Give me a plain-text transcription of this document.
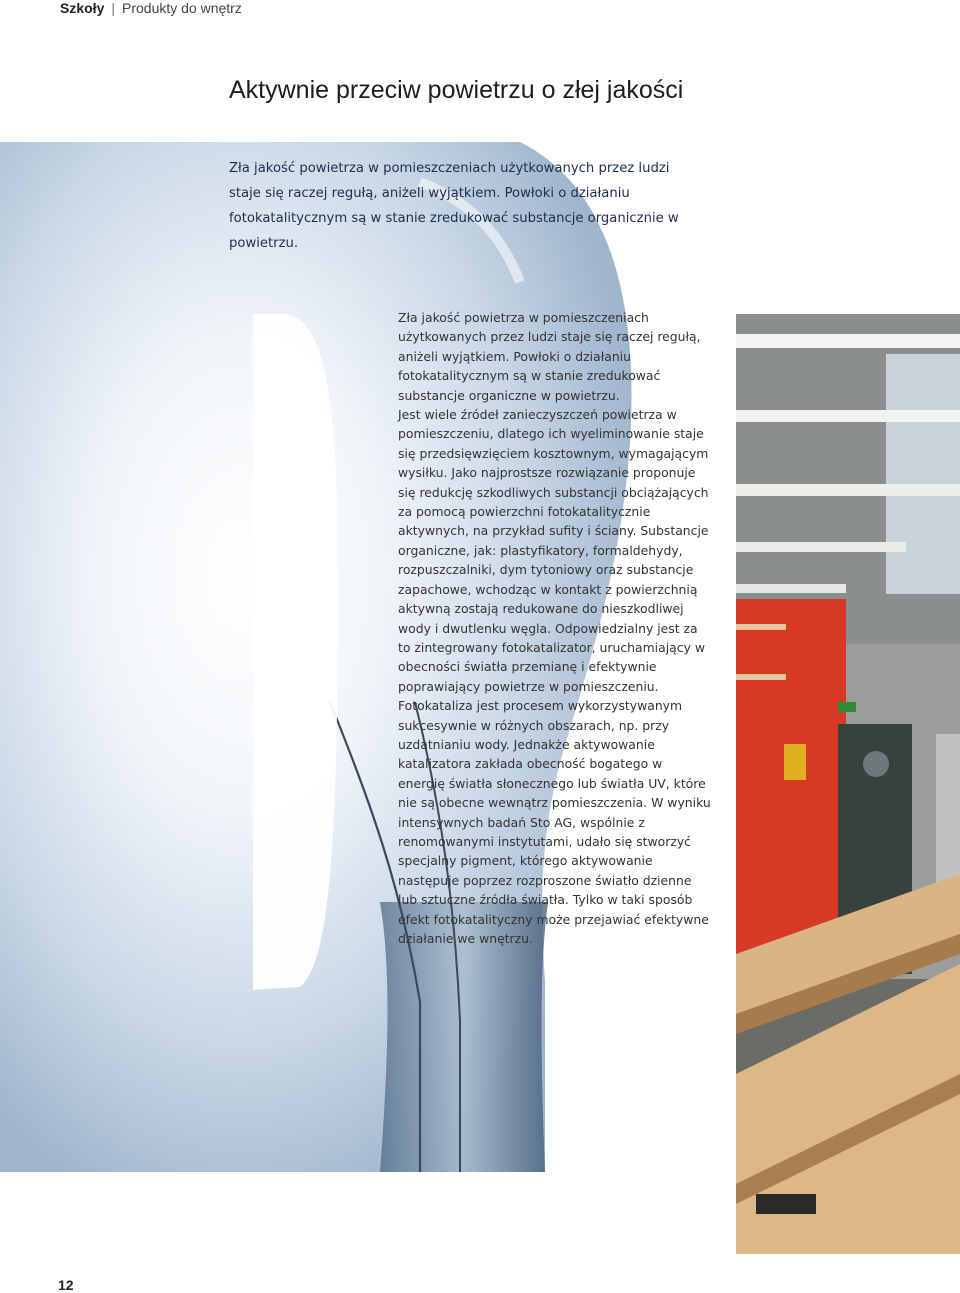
Szkoły | Produkty do wnętrz
Aktywnie przeciw powietrzu o złej jakości

Zła jakość powietrza w pomieszczeniach użytkowanych przez ludzi staje się raczej regułą, aniżeli wyjątkiem. Powłoki o działaniu fotokatalitycznym są w stanie zredukować substancje organicznie w powietrzu.

Zła jakość powietrza w pomieszczeniach użytkowanych przez ludzi staje się raczej regułą, aniżeli wyjątkiem. Powłoki o działaniu fotokatalitycznym są w stanie zredukować substancje organiczne w powietrzu.

Jest wiele źródeł zanieczyszczeń powietrza w pomieszczeniu, dlatego ich wyeliminowanie staje się przedsięwzięciem kosztownym, wymagającym wysiłku. Jako najprostsze rozwiązanie proponuje się redukcję szkodliwych substancji obciążających za pomocą powierzchni fotokatalitycznie aktywnych, na przykład sufity i ściany. Substancje organiczne, jak: plastyfikatory, formaldehydy, rozpuszczalniki, dym tytoniowy oraz substancje zapachowe, wchodząc w kontakt z powierzchnią aktywną zostają redukowane do nieszkodliwej wody i dwutlenku węgla. Odpowiedzialny jest za to zintegrowany fotokatalizator, uruchamiający w obecności światła przemianę i efektywnie poprawiający powietrze w pomieszczeniu.

Fotokataliza jest procesem wykorzystywanym sukcesywnie w różnych obszarach, np. przy uzdatnianiu wody. Jednakże aktywowanie katalizatora zakłada obecność bogatego w energię światła słonecznego lub światła UV, które nie są obecne wewnątrz pomieszczenia. W wyniku intensywnych badań Sto AG, wspólnie z renomowanymi instytutami, udało się stworzyć specjalny pigment, którego aktywowanie następuje poprzez rozproszone światło dzienne lub sztuczne źródła światła. Tylko w taki sposób efekt fotokatalityczny może przejawiać efektywne działanie we wnętrzu.

12
